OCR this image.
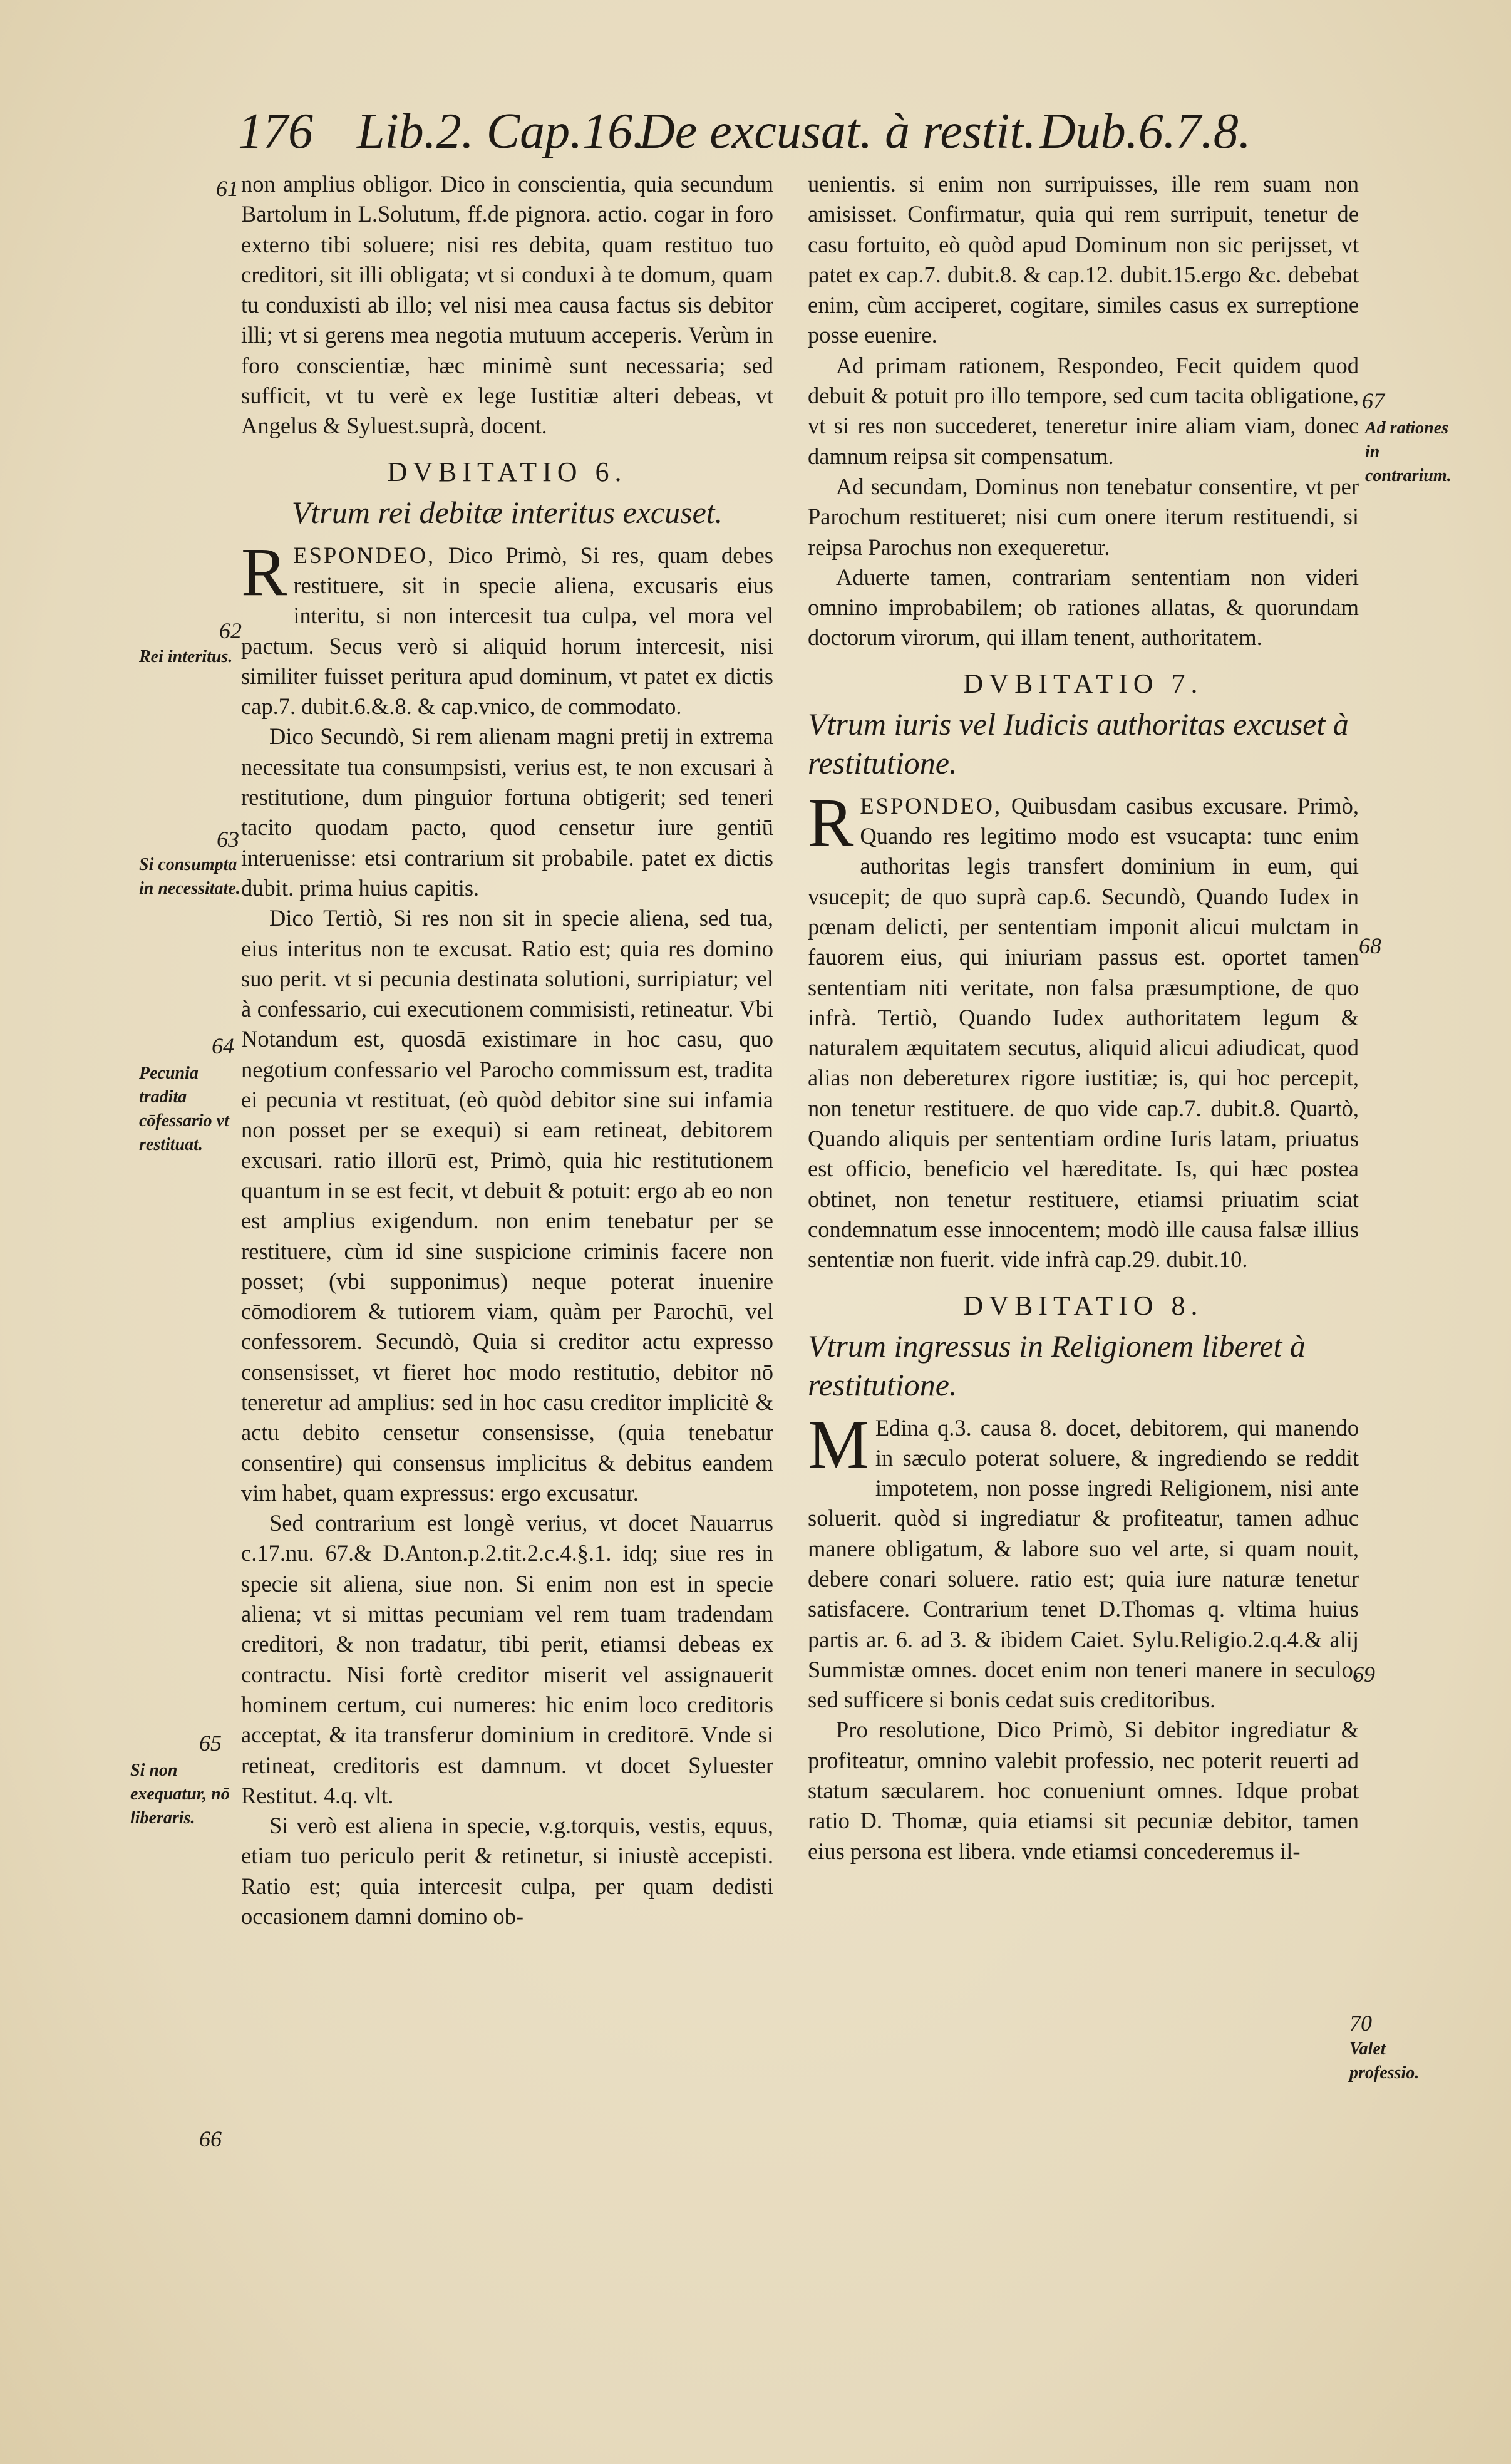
176 Lib.2. Cap.16.De excusat. à restit.Dub.6.7.8.
61
62
Rei interitus.
63
Si consumpta in necessitate.
64
Pecunia tradita cōfessario vt restituat.
65
Si non exequatur, nō liberaris.
66
67
Ad rationes in contrarium.
68
69
70
Valet professio.

non amplius obligor. Dico in conscientia, quia secundum Bartolum in L.Solutum, ff.de pignora. actio. cogar in foro externo tibi soluere; nisi res debita, quam restituo tuo creditori, sit illi obligata; vt si conduxi à te domum, quam tu conduxisti ab illo; vel nisi mea causa factus sis debitor illi; vt si gerens mea negotia mutuum acceperis. Verùm in foro conscientiæ, hæc minimè sunt necessaria; sed sufficit, vt tu verè ex lege Iustitiæ alteri debeas, vt Angelus & Syluest.suprà, docent.

DVBITATIO 6.
Vtrum rei debitæ interitus excuset.

RESPONDEO, Dico Primò, Si res, quam debes restituere, sit in specie aliena, excusaris eius interitu, si non intercesit tua culpa, vel mora vel pactum. Secus verò si aliquid horum intercesit, nisi similiter fuisset peritura apud dominum, vt patet ex dictis cap.7. dubit.6.&.8. & cap.vnico, de commodato.

Dico Secundò, Si rem alienam magni pretij in extrema necessitate tua consumpsisti, verius est, te non excusari à restitutione, dum pinguior fortuna obtigerit; sed teneri tacito quodam pacto, quod censetur iure gentiū interuenisse: etsi contrarium sit probabile. patet ex dictis dubit. prima huius capitis.

Dico Tertiò, Si res non sit in specie aliena, sed tua, eius interitus non te excusat. Ratio est; quia res domino suo perit. vt si pecunia destinata solutioni, surripiatur; vel à confessario, cui executionem commisisti, retineatur. Vbi Notandum est, quosdā existimare in hoc casu, quo negotium confessario vel Parocho commissum est, tradita ei pecunia vt restituat, (eò quòd debitor sine sui infamia non posset per se exequi) si eam retineat, debitorem excusari. ratio illorū est, Primò, quia hic restitutionem quantum in se est fecit, vt debuit & potuit: ergo ab eo non est amplius exigendum. non enim tenebatur per se restituere, cùm id sine suspicione criminis facere non posset; (vbi supponimus) neque poterat inuenire cōmodiorem & tutiorem viam, quàm per Parochū, vel confessorem. Secundò, Quia si creditor actu expresso consensisset, vt fieret hoc modo restitutio, debitor nō teneretur ad amplius: sed in hoc casu creditor implicitè & actu debito censetur consensisse, (quia tenebatur consentire) qui consensus implicitus & debitus eandem vim habet, quam expressus: ergo excusatur.

Sed contrarium est longè verius, vt docet Nauarrus c.17.nu. 67.& D.Anton.p.2.tit.2.c.4.§.1. idq; siue res in specie sit aliena, siue non. Si enim non est in specie aliena; vt si mittas pecuniam vel rem tuam tradendam creditori, & non tradatur, tibi perit, etiamsi debeas ex contractu. Nisi fortè creditor miserit vel assignauerit hominem certum, cui numeres: hic enim loco creditoris acceptat, & ita transferur dominium in creditorē. Vnde si retineat, creditoris est damnum. vt docet Syluester Restitut. 4.q. vlt.

Si verò est aliena in specie, v.g.torquis, vestis, equus, etiam tuo periculo perit & retinetur, si iniustè accepisti. Ratio est; quia intercesit culpa, per quam dedisti occasionem damni domino ob-

uenientis. si enim non surripuisses, ille rem suam non amisisset. Confirmatur, quia qui rem surripuit, tenetur de casu fortuito, eò quòd apud Dominum non sic perijsset, vt patet ex cap.7. dubit.8. & cap.12. dubit.15.ergo &c. debebat enim, cùm acciperet, cogitare, similes casus ex surreptione posse euenire.

Ad primam rationem, Respondeo, Fecit quidem quod debuit & potuit pro illo tempore, sed cum tacita obligatione, vt si res non succederet, teneretur inire aliam viam, donec damnum reipsa sit compensatum.

Ad secundam, Dominus non tenebatur consentire, vt per Parochum restitueret; nisi cum onere iterum restituendi, si reipsa Parochus non exequeretur.

Aduerte tamen, contrariam sententiam non videri omnino improbabilem; ob rationes allatas, & quorundam doctorum virorum, qui illam tenent, authoritatem.

DVBITATIO 7.
Vtrum iuris vel Iudicis authoritas excuset à restitutione.

RESPONDEO, Quibusdam casibus excusare. Primò, Quando res legitimo modo est vsucapta: tunc enim authoritas legis transfert dominium in eum, qui vsucepit; de quo suprà cap.6. Secundò, Quando Iudex in pœnam delicti, per sententiam imponit alicui mulctam in fauorem eius, qui iniuriam passus est. oportet tamen sententiam niti veritate, non falsa præsumptione, de quo infrà. Tertiò, Quando Iudex authoritatem legum & naturalem æquitatem secutus, aliquid alicui adiudicat, quod alias non debereturex rigore iustitiæ; is, qui hoc percepit, non tenetur restituere. de quo vide cap.7. dubit.8. Quartò, Quando aliquis per sententiam ordine Iuris latam, priuatus est officio, beneficio vel hæreditate. Is, qui hæc postea obtinet, non tenetur restituere, etiamsi priuatim sciat condemnatum esse innocentem; modò ille causa falsæ illius sententiæ non fuerit. vide infrà cap.29. dubit.10.

DVBITATIO 8.
Vtrum ingressus in Religionem liberet à restitutione.

M Edina q.3. causa 8. docet, debitorem, qui manendo in sæculo poterat soluere, & ingrediendo se reddit impotetem, non posse ingredi Religionem, nisi ante soluerit. quòd si ingrediatur & profiteatur, tamen adhuc manere obligatum, & labore suo vel arte, si quam nouit, debere conari soluere. ratio est; quia iure naturæ tenetur satisfacere. Contrarium tenet D.Thomas q. vltima huius partis ar. 6. ad 3. & ibidem Caiet. Sylu.Religio.2.q.4.& alij Summistæ omnes. docet enim non teneri manere in seculo, sed sufficere si bonis cedat suis creditoribus.

Pro resolutione, Dico Primò, Si debitor ingrediatur & profiteatur, omnino valebit professio, nec poterit reuerti ad statum sæcularem. hoc conueniunt omnes. Idque probat ratio D. Thomæ, quia etiamsi sit pecuniæ debitor, tamen eius persona est libera. vnde etiamsi concederemus il-
